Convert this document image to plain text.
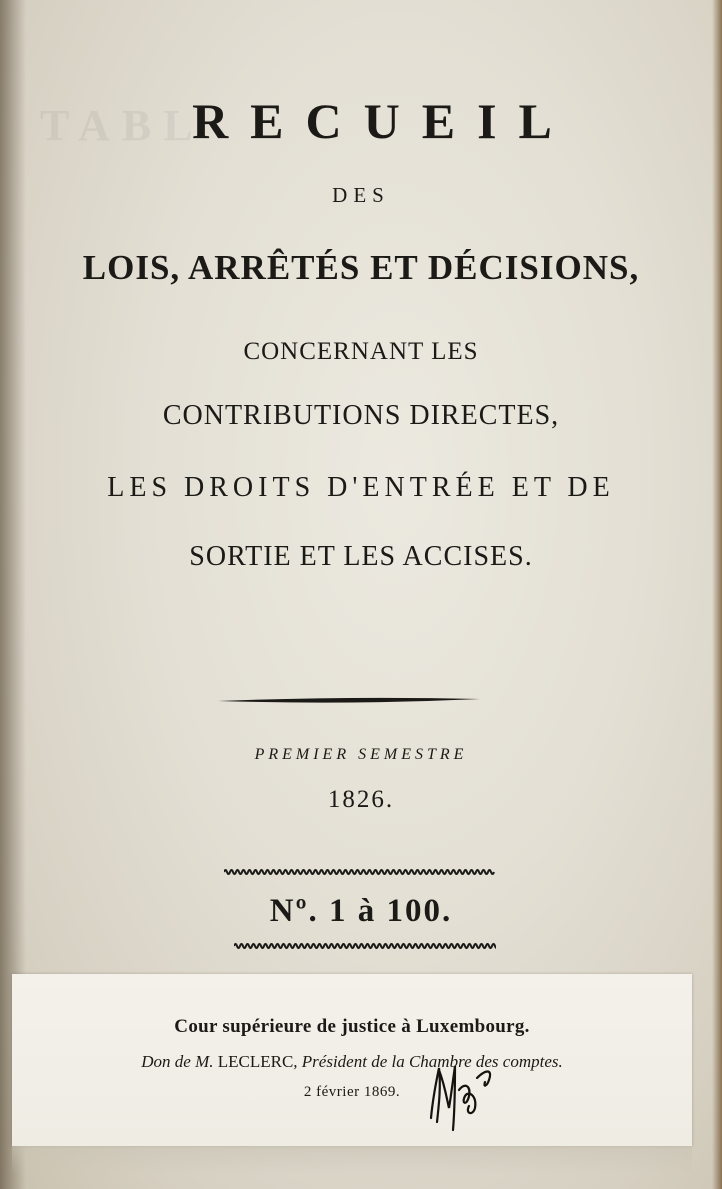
TABL
RECUEIL
DES
LOIS, ARRÊTÉS ET DÉCISIONS,
CONCERNANT LES
CONTRIBUTIONS DIRECTES,
LES DROITS D'ENTRÉE ET DE
SORTIE ET LES ACCISES.
PREMIER SEMESTRE
1826.
Nº. 1 à 100.
Cour supérieure de justice à Luxembourg.
Don de M. LECLERC, Président de la Chambre des comptes.
2 février 1869.
